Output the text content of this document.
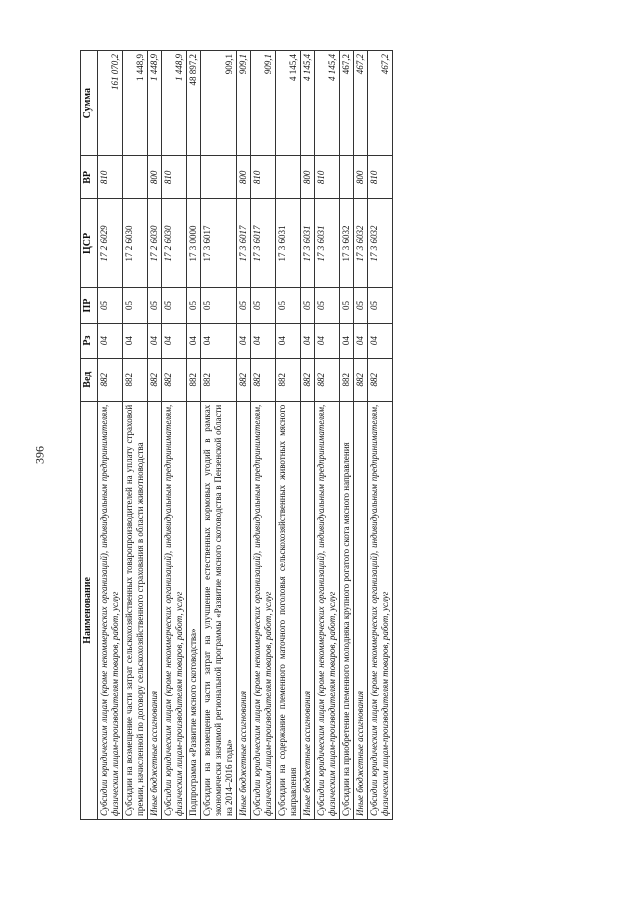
396
Наименование	Вед	Рз	ПР	ЦСР	ВР	Сумма
Субсидии юридическим лицам (кроме некоммерческих организаций), индивидуальным предпринимателям, физическим лицам-производителям товаров, работ, услуг	882	04	05	17 2 6029	810	161 070,2
Субсидии на возмещение части затрат сельскохозяйственных товаропроизводителей на уплату страховой премии, начисленной по договору сельскохозяйственного страхования в области животноводства	882	04	05	17 2 6030		1 448,9
Иные бюджетные ассигнования	882	04	05	17 2 6030	800	1 448,9
Субсидии юридическим лицам (кроме некоммерческих организаций), индивидуальным предпринимателям, физическим лицам-производителям товаров, работ, услуг	882	04	05	17 2 6030	810	1 448,9
Подпрограмма «Развитие мясного скотоводства»	882	04	05	17 3 0000		48 897,2
Субсидии на возмещение части затрат на улучшение естественных кормовых угодий в рамках экономически значимой региональной программы «Развитие мясного скотоводства в Пензенской области на 2014–2016 годы»	882	04	05	17 3 6017		909,1
Иные бюджетные ассигнования	882	04	05	17 3 6017	800	909,1
Субсидии юридическим лицам (кроме некоммерческих организаций), индивидуальным предпринимателям, физическим лицам-производителям товаров, работ, услуг	882	04	05	17 3 6017	810	909,1
Субсидии на содержание племенного маточного поголовья сельскохозяйственных животных мясного направления	882	04	05	17 3 6031		4 145,4
Иные бюджетные ассигнования	882	04	05	17 3 6031	800	4 145,4
Субсидии юридическим лицам (кроме некоммерческих организаций), индивидуальным предпринимателям, физическим лицам-производителям товаров, работ, услуг	882	04	05	17 3 6031	810	4 145,4
Субсидии на приобретение племенного молодняка крупного рогатого скота мясного направления	882	04	05	17 3 6032		467,2
Иные бюджетные ассигнования	882	04	05	17 3 6032	800	467,2
Субсидии юридическим лицам (кроме некоммерческих организаций), индивидуальным предпринимателям, физическим лицам-производителям товаров, работ, услуг	882	04	05	17 3 6032	810	467,2
